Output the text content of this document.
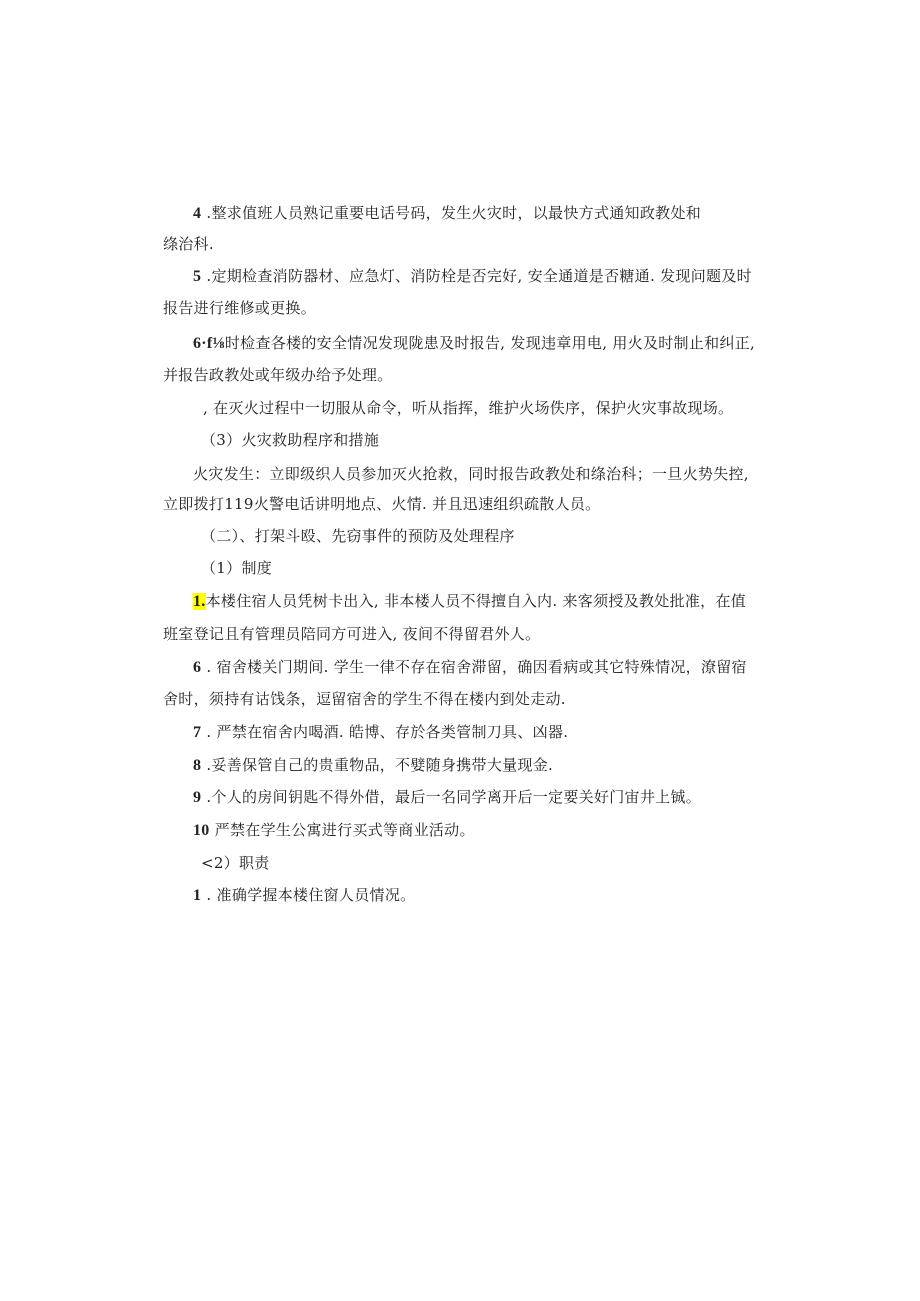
4 .整求值班人员熟记重要电话号码，发生火灾时，以最快方式通知政教处和
绦治科.
5 .定期检查消防器材、应急灯、消防栓是否完好, 安全通道是否糖通. 发现问题及时
报告进行维修或更换。
6·f⅛时检查各楼的安全情况发现陇患及时报告, 发现违章用电, 用火及时制止和纠正,
并报告政教处或年级办给予处理。
, 在灭火过程中一切服从命令，听从指挥，维护火场佚序，保护火灾事故现场。
（3）火灾救助程序和措施
火灾发生：立即级织人员参加灭火抢救，同时报告政教处和绦治科；一旦火势失控,
立即拨打119火警电话讲明地点、火情. 并且迅速组织疏散人员。
（二）、打架斗殴、先窃事件的预防及处理程序
（1）制度
1.本楼住宿人员凭树卡出入, 非本楼人员不得擅自入内. 来客须授及教处批准，在值
班室登记且有管理员陪同方可进入, 夜间不得留君外人。
6 . 宿舍楼关门期间. 学生一律不存在宿舍滞留，确因看病或其它特殊情况，潦留宿
舍时，须持有诂饯条，逗留宿舍的学生不得在楼内到处走动.
7 . 严禁在宿舍内喝酒. 皓博、存於各类管制刀具、凶器.
8 .妥善保管自己的贵重物品，不嬖随身携带大量现金.
9 .个人的房间钥匙不得外借，最后一名同学离开后一定要关好门宙井上铖。
10 严禁在学生公寓进行买式等商业活动。
<2）职责
1 . 准确学握本楼住窗人员情况。
